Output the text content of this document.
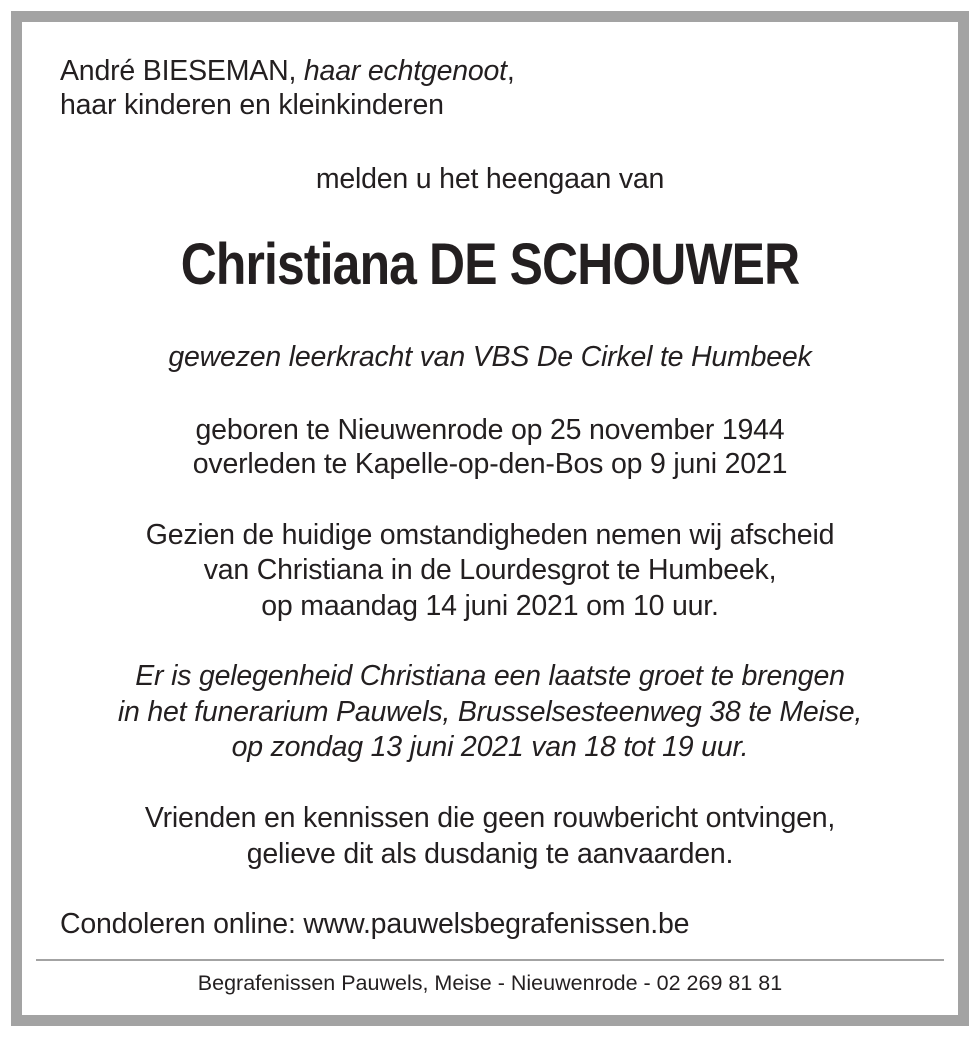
André BIESEMAN, haar echtgenoot,
haar kinderen en kleinkinderen
melden u het heengaan van
Christiana DE SCHOUWER
gewezen leerkracht van VBS De Cirkel te Humbeek
geboren te Nieuwenrode op 25 november 1944
overleden te Kapelle-op-den-Bos op 9 juni 2021
Gezien de huidige omstandigheden nemen wij afscheid
van Christiana in de Lourdesgrot te Humbeek,
op maandag 14 juni 2021 om 10 uur.
Er is gelegenheid Christiana een laatste groet te brengen
in het funerarium Pauwels, Brusselsesteenweg 38 te Meise,
op zondag 13 juni 2021 van 18 tot 19 uur.
Vrienden en kennissen die geen rouwbericht ontvingen,
gelieve dit als dusdanig te aanvaarden.
Condoleren online: www.pauwelsbegrafenissen.be
Begrafenissen Pauwels, Meise - Nieuwenrode - 02 269 81 81
